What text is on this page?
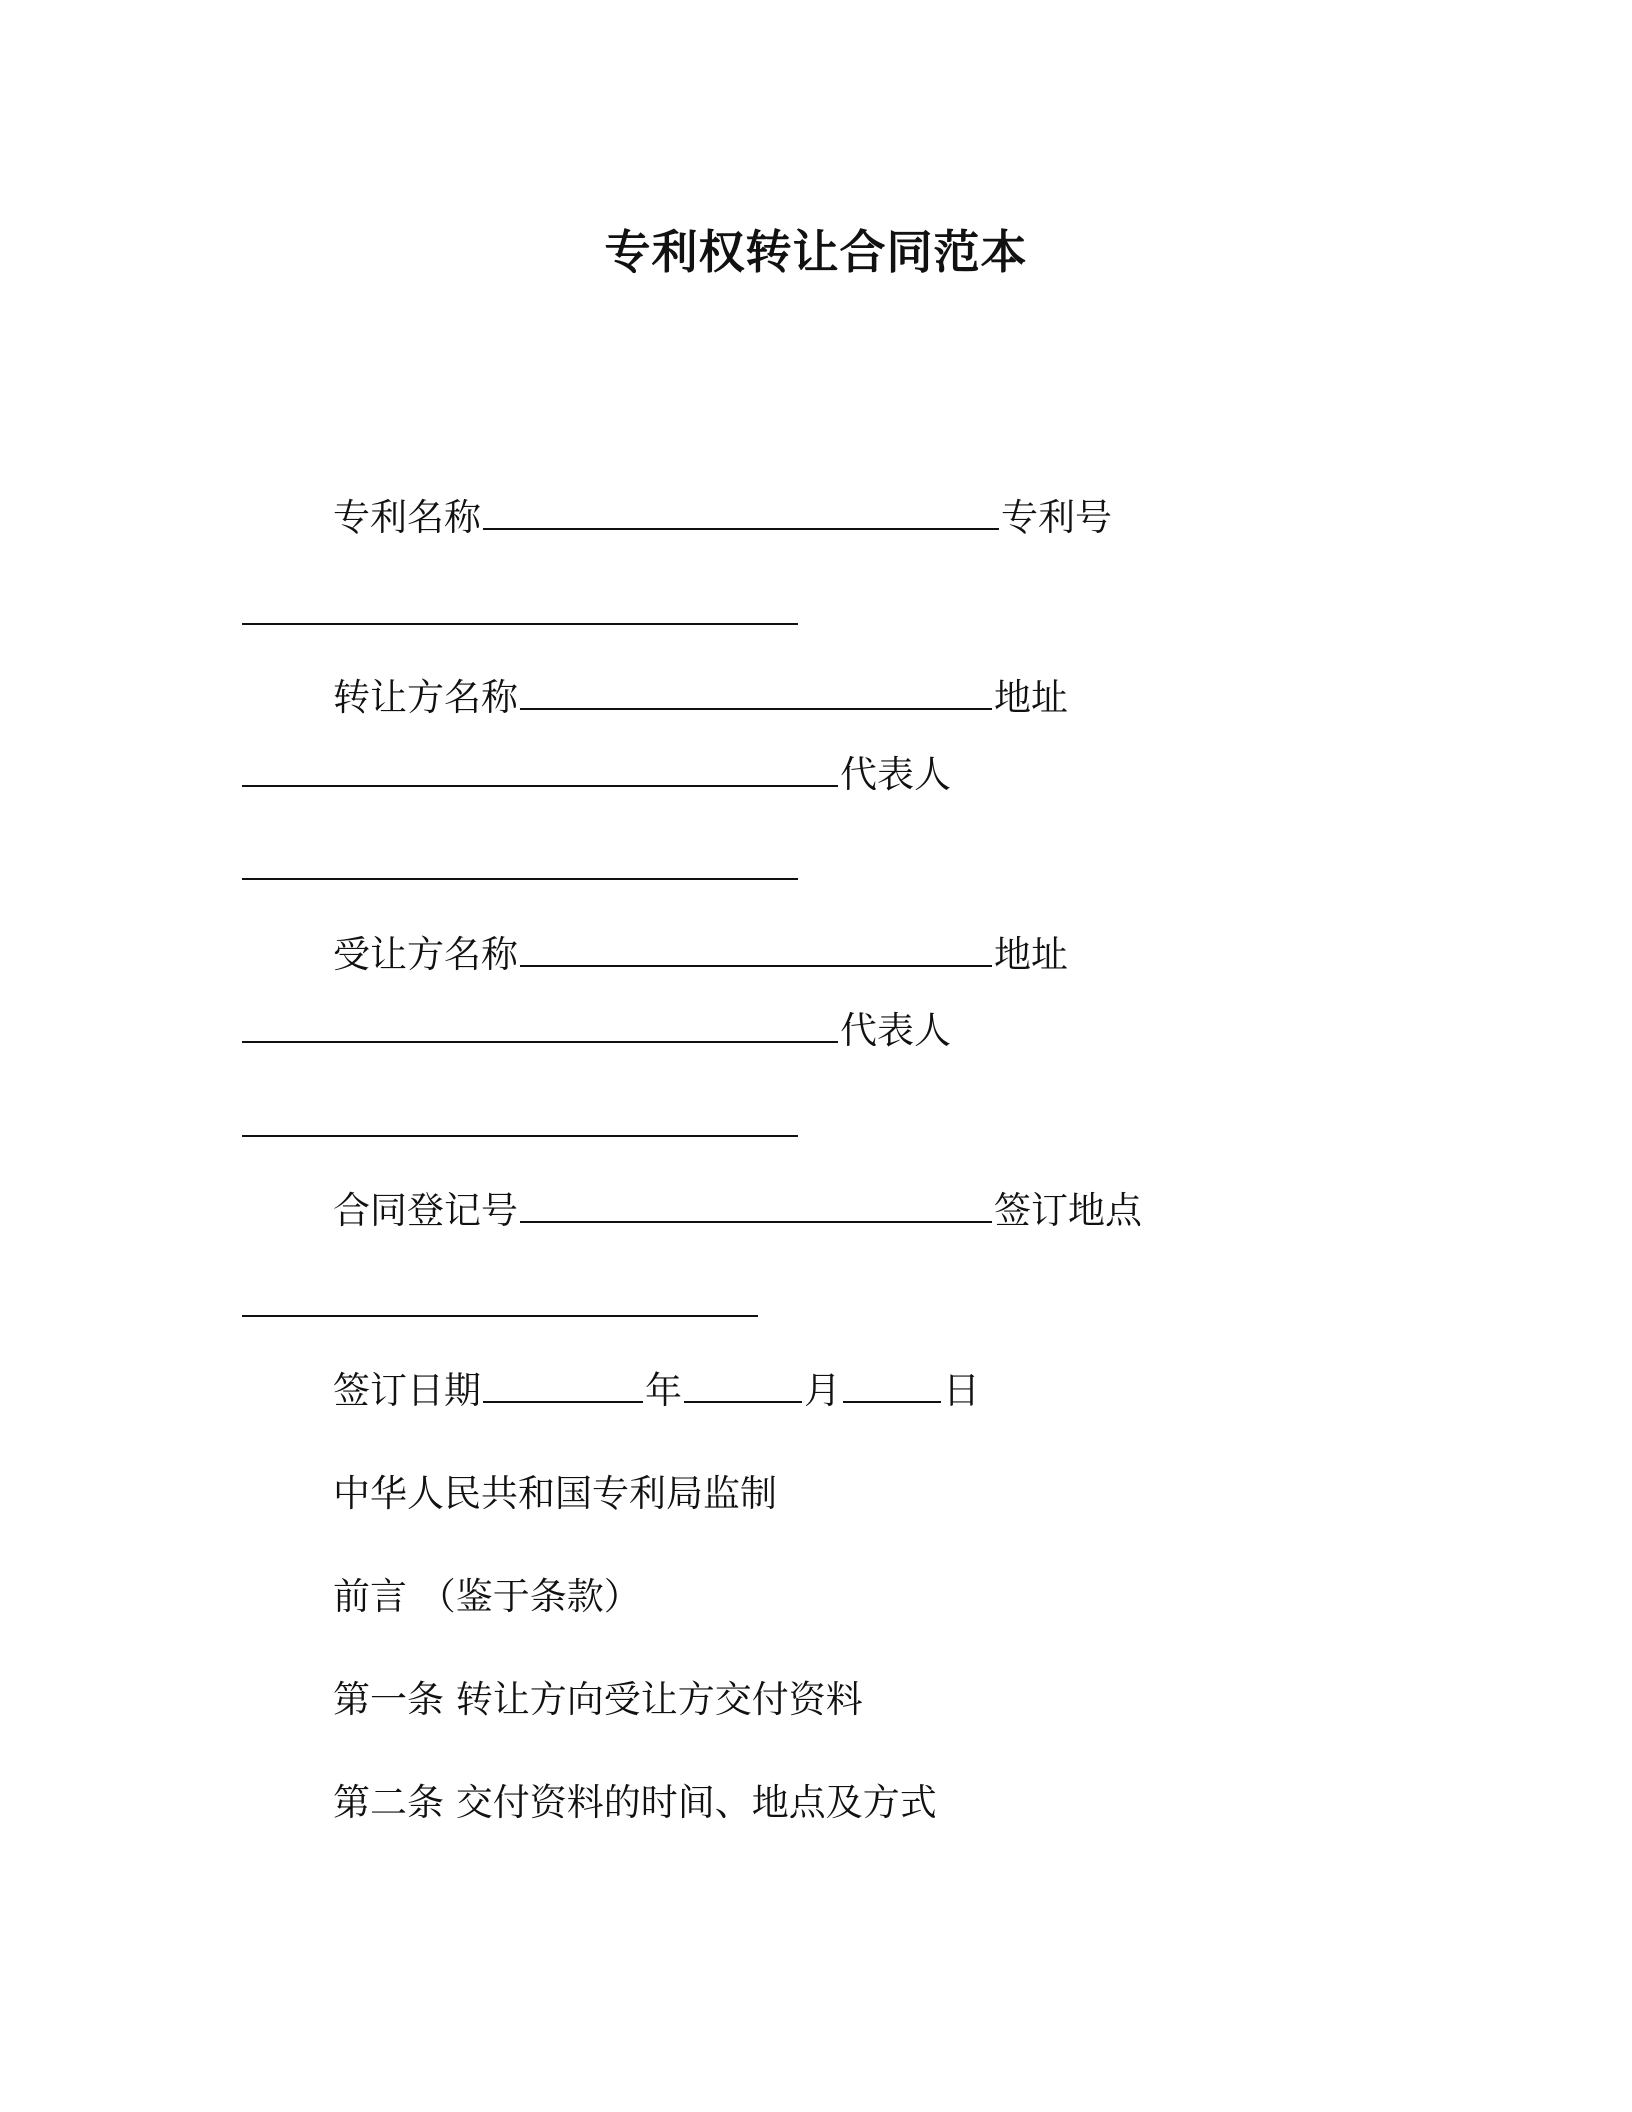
专利权转让合同范本
专利名称	专利号
转让方名称	地址
代表人
受让方名称	地址
代表人
合同登记号	签订地点
签订日期	年	月	日
中华人民共和国专利局监制
前言 （鉴于条款）
第一条 转让方向受让方交付资料
第二条 交付资料的时间、地点及方式
